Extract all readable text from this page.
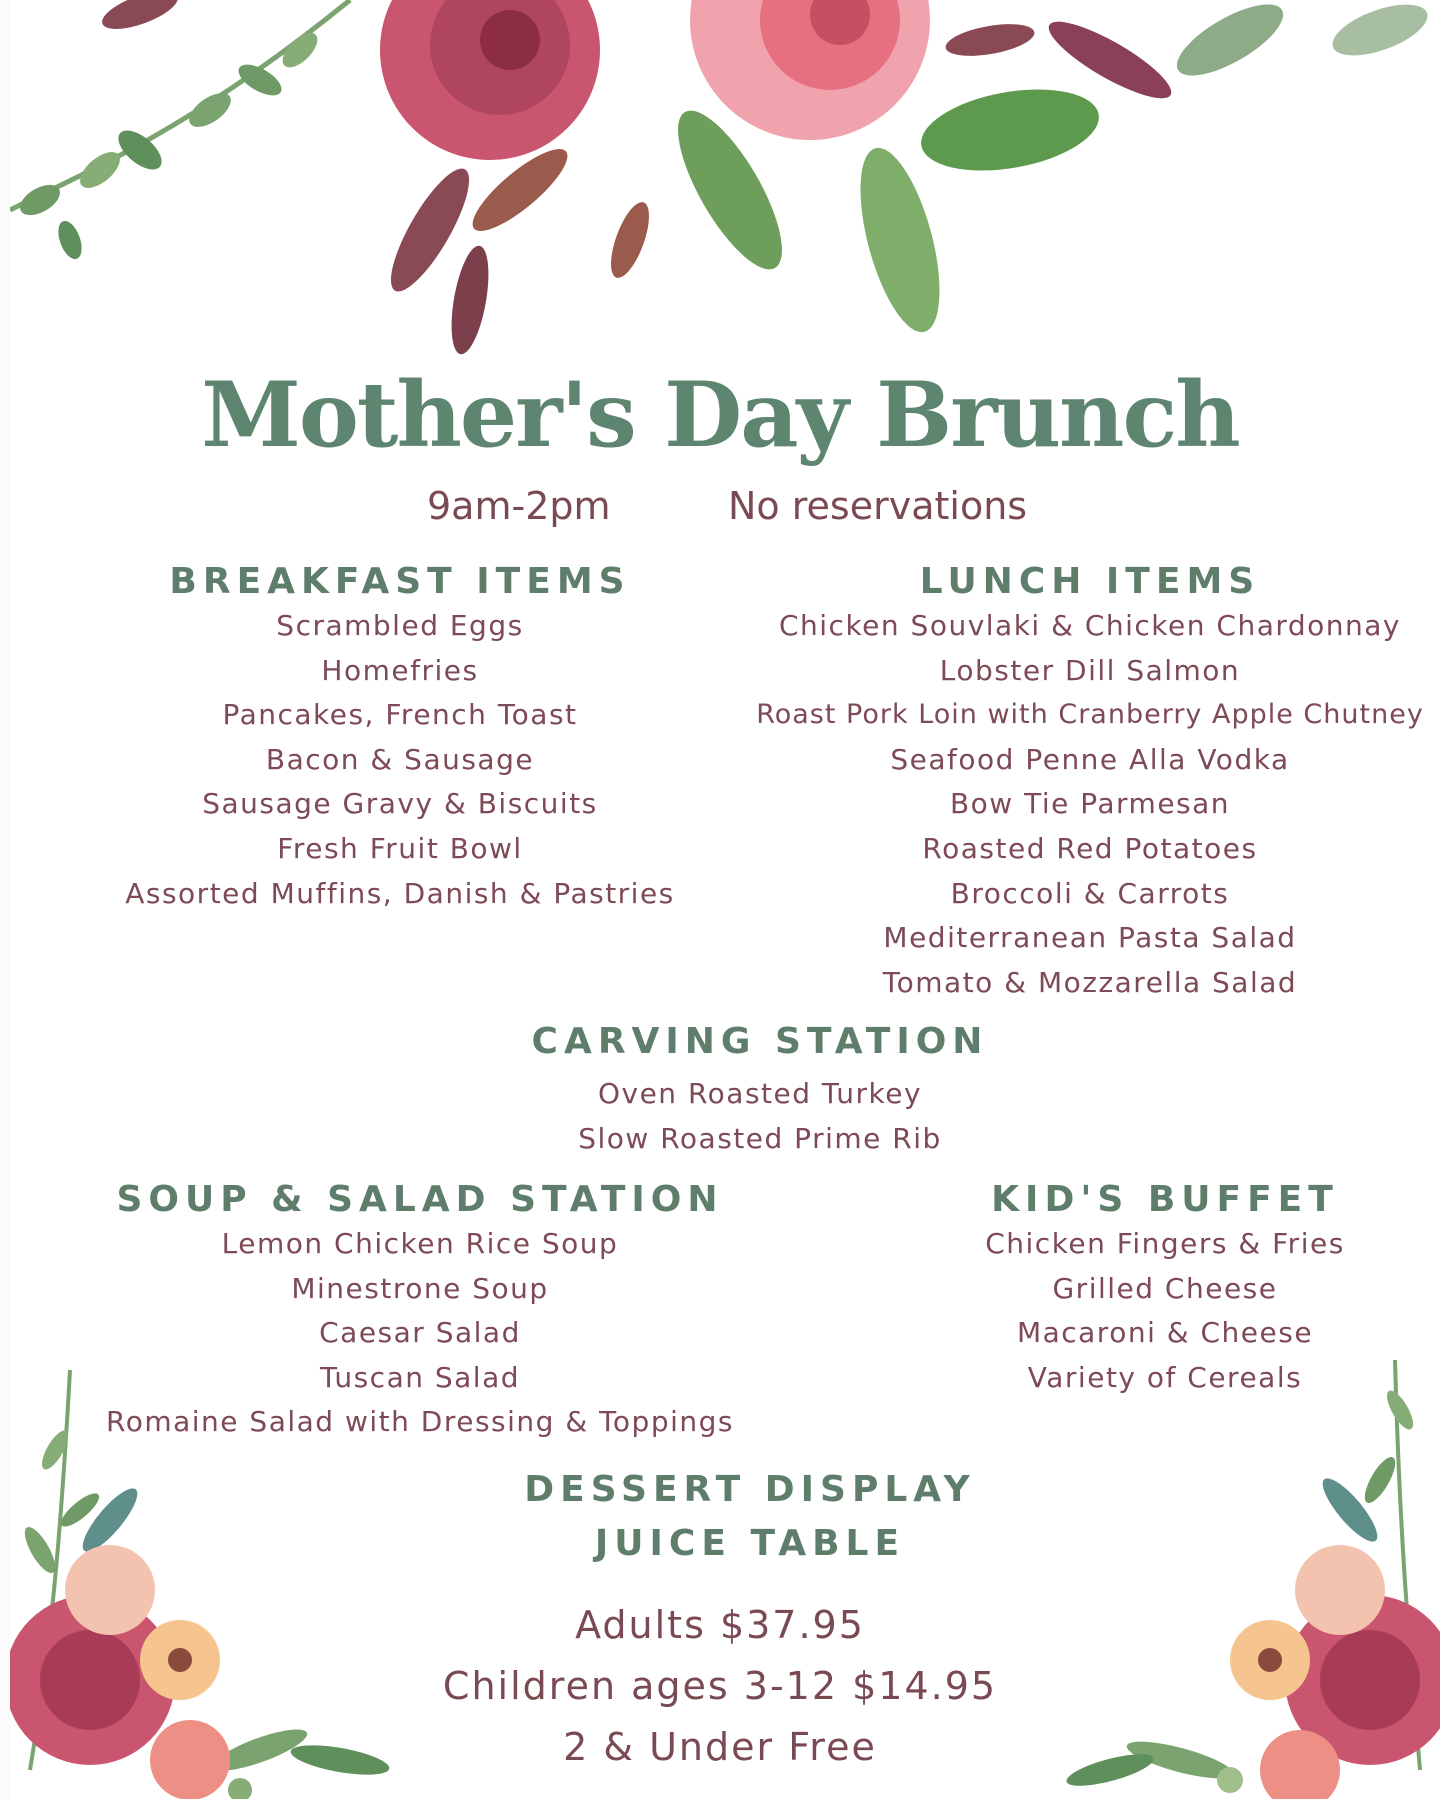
Mother's Day Brunch
9am-2pm	No reservations
BREAKFAST ITEMS
Scrambled Eggs
Homefries
Pancakes, French Toast
Bacon & Sausage
Sausage Gravy & Biscuits
Fresh Fruit Bowl
Assorted Muffins, Danish & Pastries
LUNCH ITEMS
Chicken Souvlaki & Chicken Chardonnay
Lobster Dill Salmon
Roast Pork Loin with Cranberry Apple Chutney
Seafood Penne Alla Vodka
Bow Tie Parmesan
Roasted Red Potatoes
Broccoli & Carrots
Mediterranean Pasta Salad
Tomato & Mozzarella Salad
CARVING STATION
Oven Roasted Turkey
Slow Roasted Prime Rib
SOUP & SALAD STATION
Lemon Chicken Rice Soup
Minestrone Soup
Caesar Salad
Tuscan Salad
Romaine Salad with Dressing & Toppings
KID'S BUFFET
Chicken Fingers & Fries
Grilled Cheese
Macaroni & Cheese
Variety of Cereals
DESSERT DISPLAY
JUICE TABLE
Adults $37.95
Children ages 3-12 $14.95
2 & Under Free
